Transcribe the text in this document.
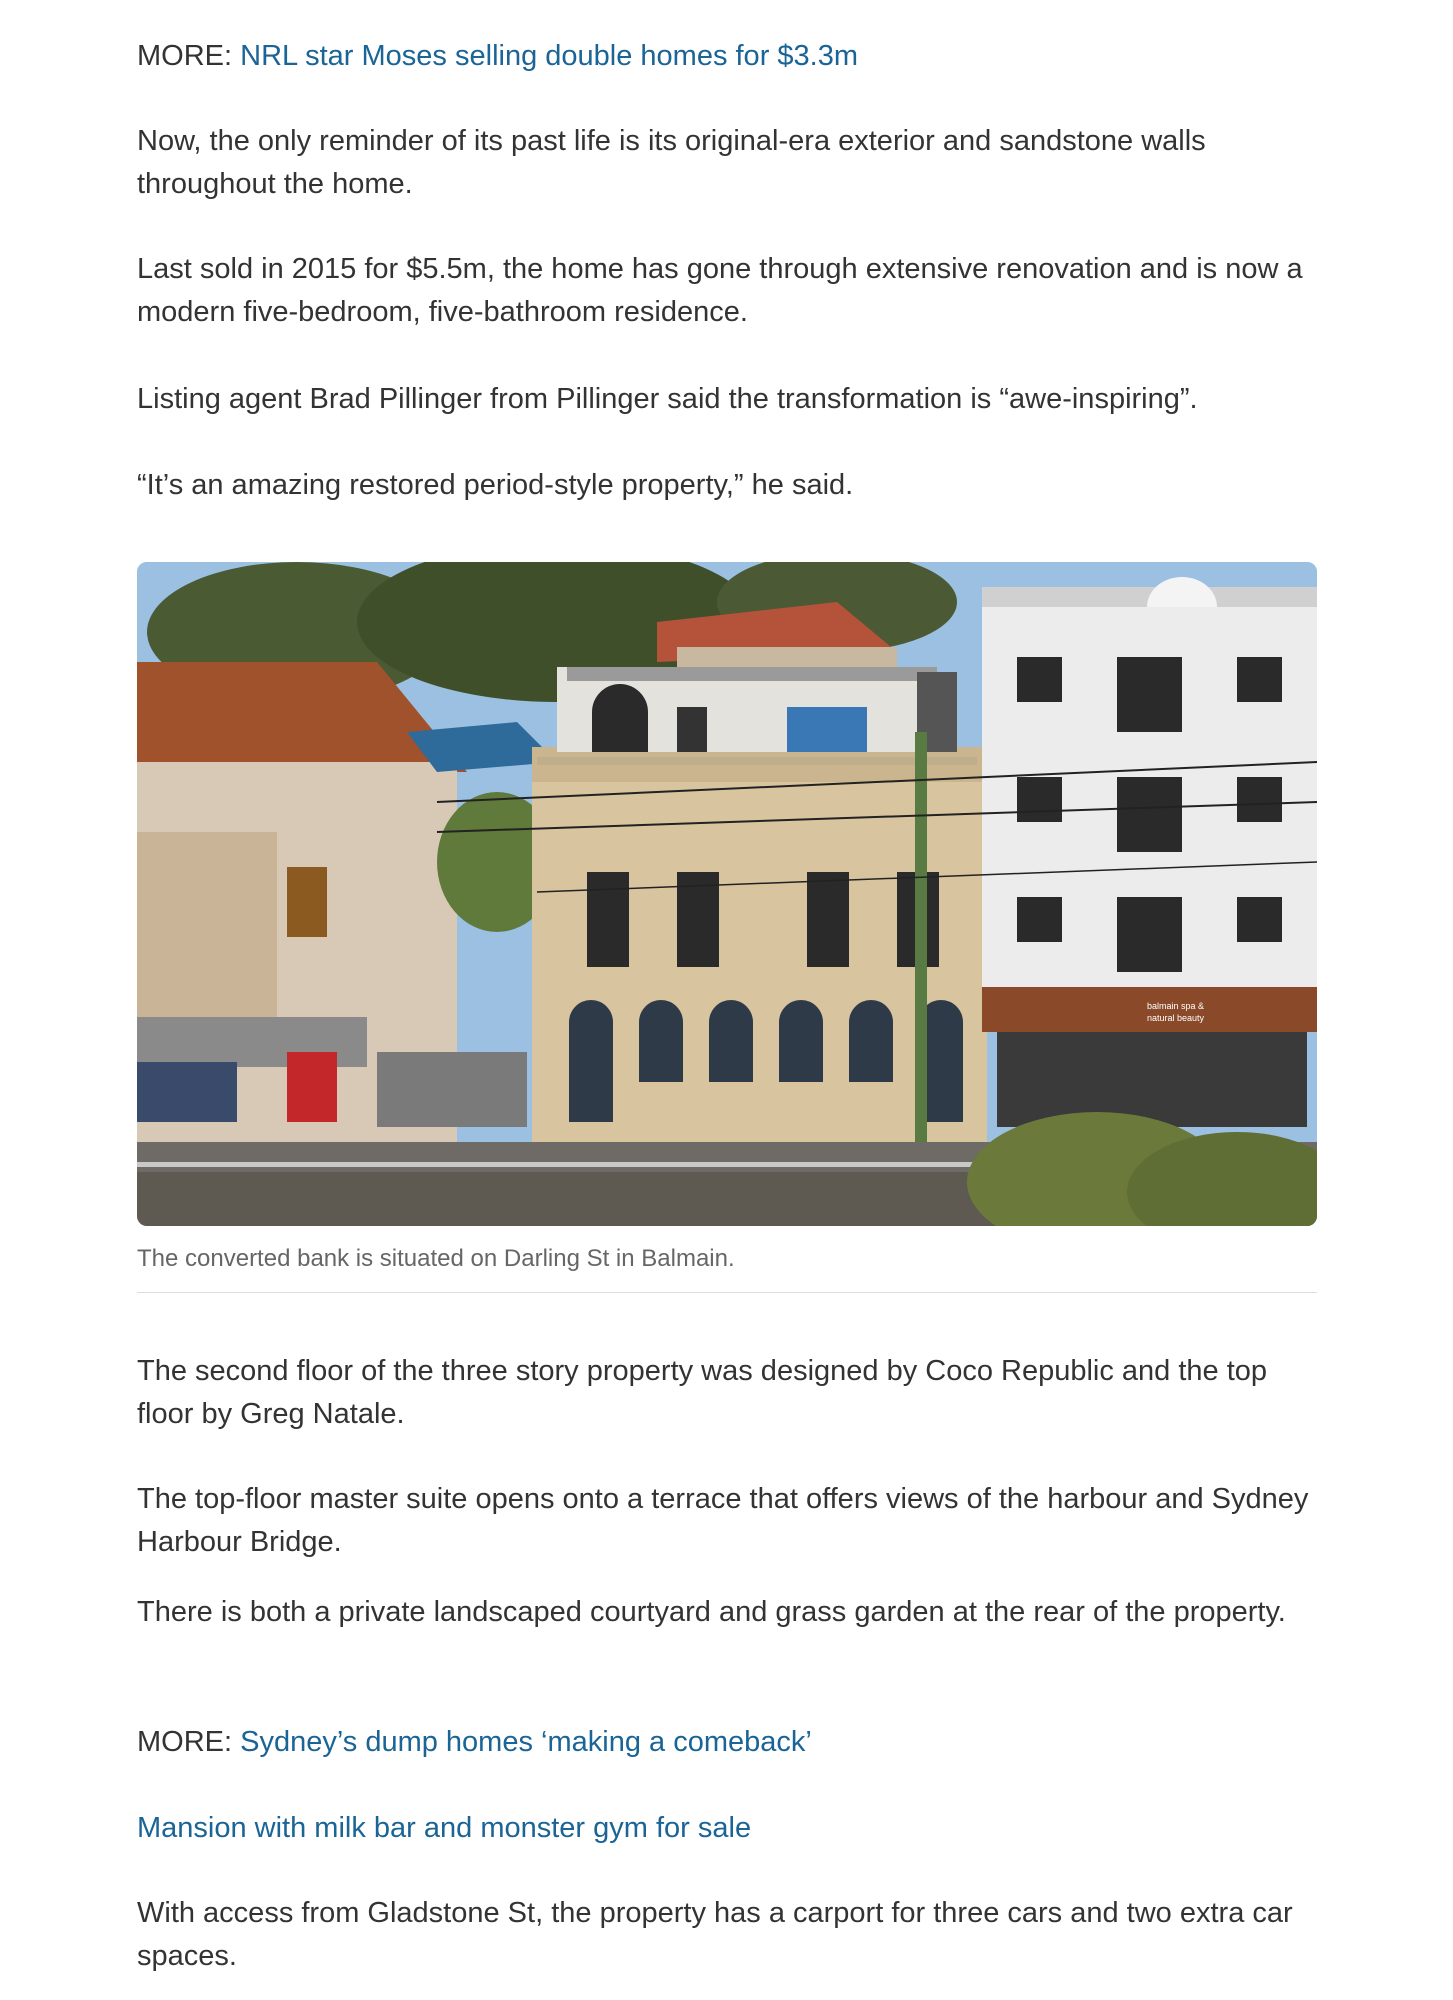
MORE: NRL star Moses selling double homes for $3.3m

Now, the only reminder of its past life is its original-era exterior and sandstone walls throughout the home.

Last sold in 2015 for $5.5m, the home has gone through extensive renovation and is now a modern five-bedroom, five-bathroom residence.

Listing agent Brad Pillinger from Pillinger said the transformation is “awe-inspiring”.

“It’s an amazing restored period-style property,” he said.

balmain spa &
natural beauty

The converted bank is situated on Darling St in Balmain.

The second floor of the three story property was designed by Coco Republic and the top floor by Greg Natale.

The top-floor master suite opens onto a terrace that offers views of the harbour and Sydney Harbour Bridge.

There is both a private landscaped courtyard and grass garden at the rear of the property.

MORE: Sydney’s dump homes ‘making a comeback’

Mansion with milk bar and monster gym for sale

With access from Gladstone St, the property has a carport for three cars and two extra car spaces.
